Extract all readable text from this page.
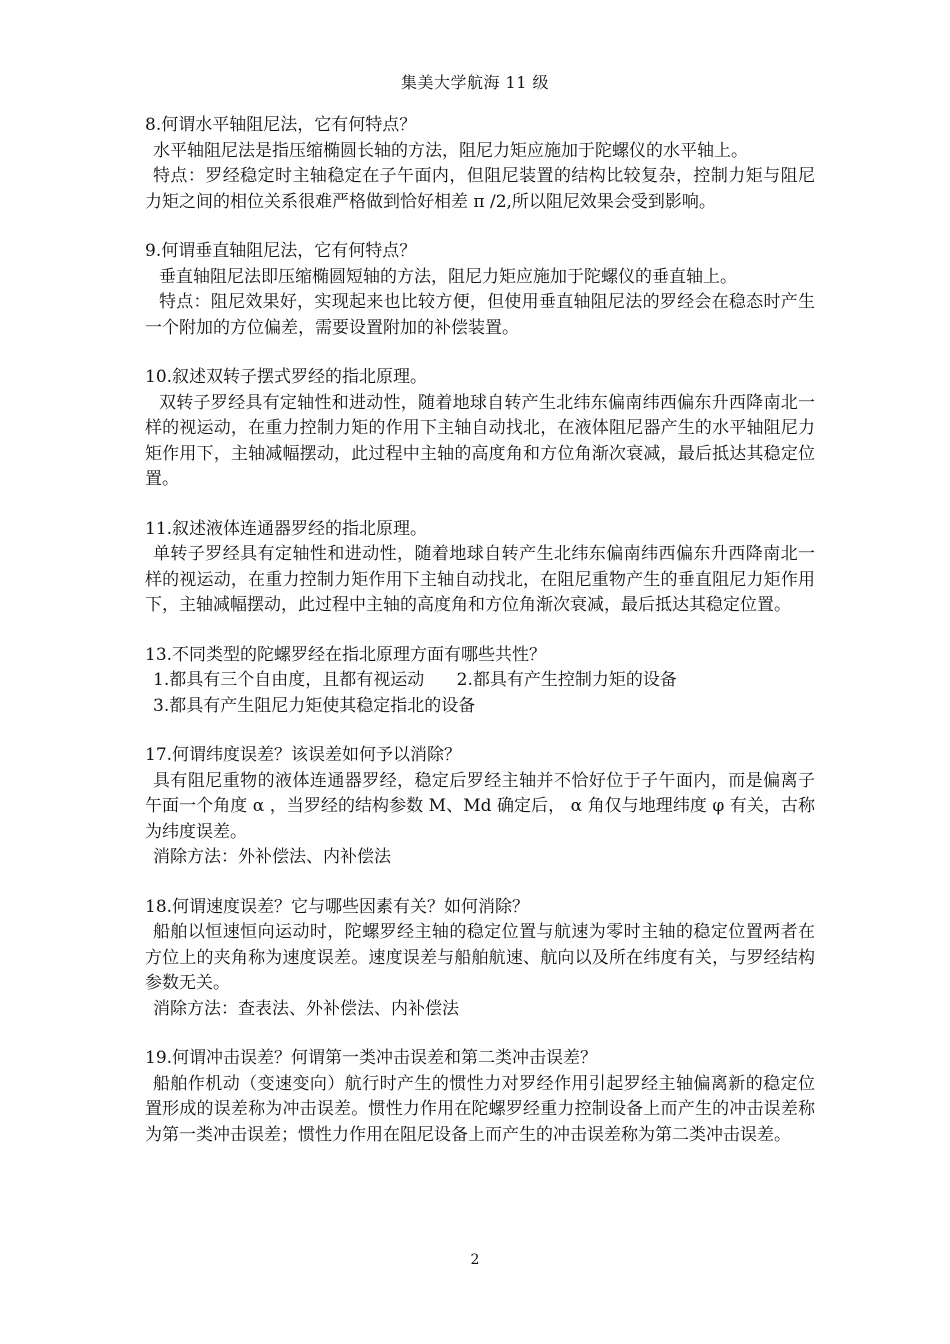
集美大学航海 11 级

8.何谓水平轴阻尼法，它有何特点？

水平轴阻尼法是指压缩椭圆长轴的方法，阻尼力矩应施加于陀螺仪的水平轴上。

特点：罗经稳定时主轴稳定在子午面内，但阻尼装置的结构比较复杂，控制力矩与阻尼力矩之间的相位关系很难严格做到恰好相差 π /2,所以阻尼效果会受到影响。

9.何谓垂直轴阻尼法，它有何特点？

垂直轴阻尼法即压缩椭圆短轴的方法，阻尼力矩应施加于陀螺仪的垂直轴上。

特点：阻尼效果好，实现起来也比较方便，但使用垂直轴阻尼法的罗经会在稳态时产生一个附加的方位偏差，需要设置附加的补偿装置。

10.叙述双转子摆式罗经的指北原理。

双转子罗经具有定轴性和进动性，随着地球自转产生北纬东偏南纬西偏东升西降南北一样的视运动，在重力控制力矩的作用下主轴自动找北，在液体阻尼器产生的水平轴阻尼力矩作用下，主轴减幅摆动，此过程中主轴的高度角和方位角渐次衰减，最后抵达其稳定位置。

11.叙述液体连通器罗经的指北原理。

单转子罗经具有定轴性和进动性，随着地球自转产生北纬东偏南纬西偏东升西降南北一样的视运动，在重力控制力矩作用下主轴自动找北，在阻尼重物产生的垂直阻尼力矩作用下，主轴减幅摆动，此过程中主轴的高度角和方位角渐次衰减，最后抵达其稳定位置。

13.不同类型的陀螺罗经在指北原理方面有哪些共性？

1.都具有三个自由度，且都有视运动      2.都具有产生控制力矩的设备

3.都具有产生阻尼力矩使其稳定指北的设备

17.何谓纬度误差？该误差如何予以消除？

具有阻尼重物的液体连通器罗经，稳定后罗经主轴并不恰好位于子午面内，而是偏离子午面一个角度 α ，当罗经的结构参数 M、Md 确定后， α 角仅与地理纬度 φ 有关，古称为纬度误差。

消除方法：外补偿法、内补偿法

18.何谓速度误差？它与哪些因素有关？如何消除？

船舶以恒速恒向运动时，陀螺罗经主轴的稳定位置与航速为零时主轴的稳定位置两者在方位上的夹角称为速度误差。速度误差与船舶航速、航向以及所在纬度有关，与罗经结构参数无关。

消除方法：查表法、外补偿法、内补偿法

19.何谓冲击误差？何谓第一类冲击误差和第二类冲击误差？

船舶作机动（变速变向）航行时产生的惯性力对罗经作用引起罗经主轴偏离新的稳定位置形成的误差称为冲击误差。惯性力作用在陀螺罗经重力控制设备上而产生的冲击误差称为第一类冲击误差；惯性力作用在阻尼设备上而产生的冲击误差称为第二类冲击误差。

2
